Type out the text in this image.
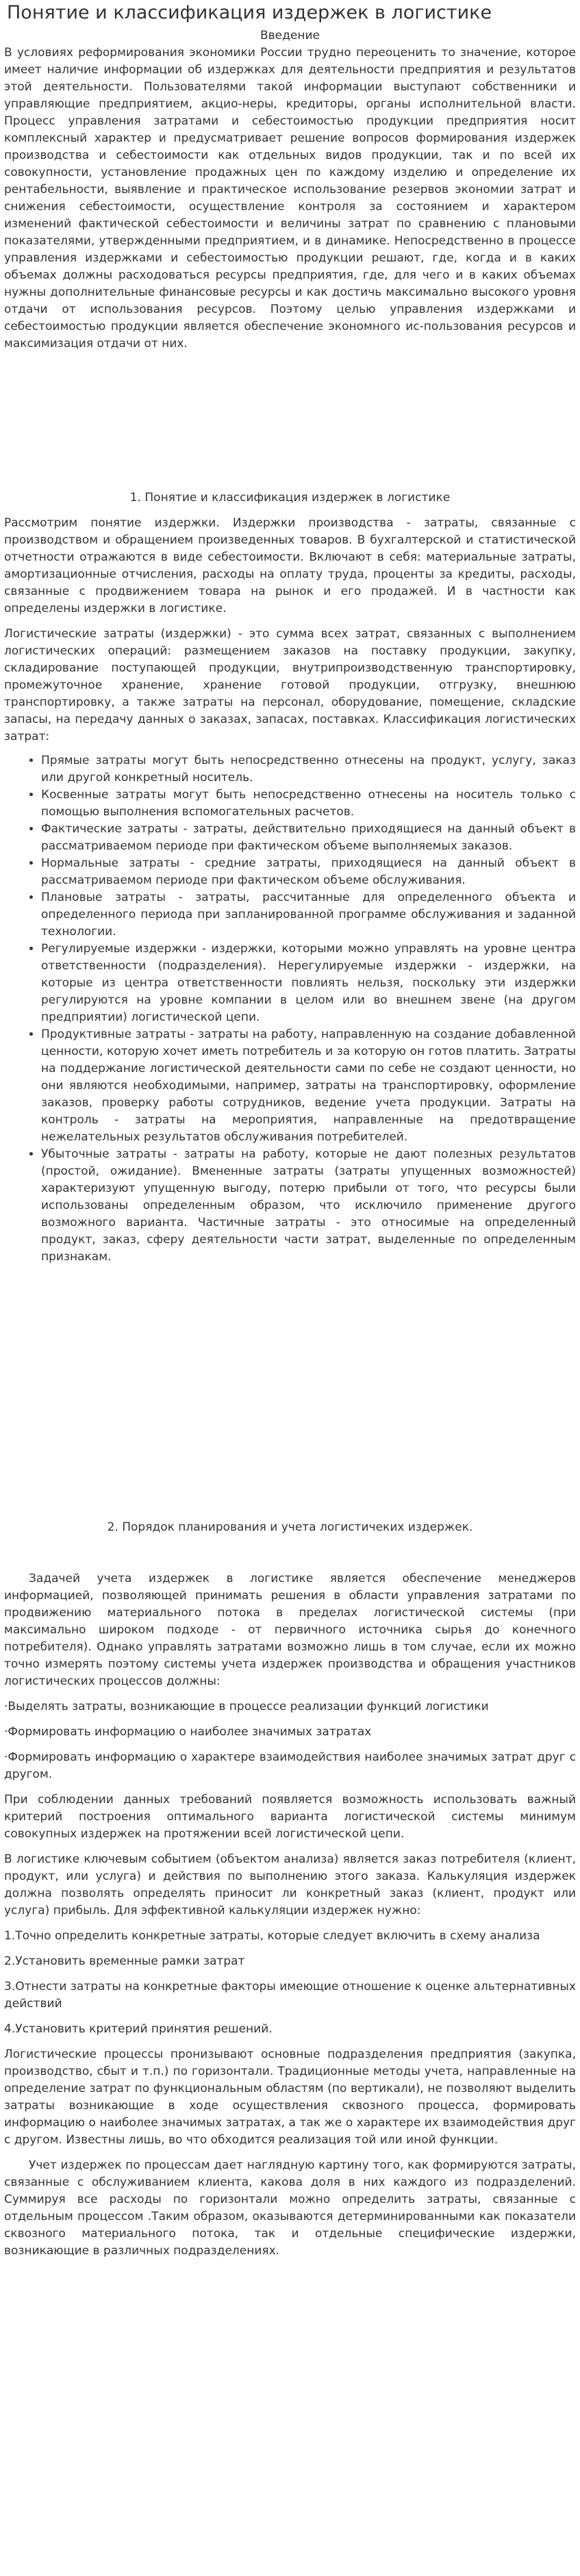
Понятие и классификация издержек в логистике

Введение

В условиях реформирования экономики России трудно переоценить то значение, которое имеет наличие информации об издержках для деятельности предприятия и результатов этой деятельности. Пользователями такой информации выступают собственники и управляющие предприятием, акцио-неры, кредиторы, органы исполнительной власти. Процесс управления затратами и себестоимостью продукции предприятия носит комплексный характер и предусматривает решение вопросов формирования издержек производства и себестоимости как отдельных видов продукции, так и по всей их совокупности, установление продажных цен по каждому изделию и определение их рентабельности, выявление и практическое использование резервов экономии затрат и снижения себестоимости, осуществление контроля за состоянием и характером изменений фактической себестоимости и величины затрат по сравнению с плановыми показателями, утвержденными предприятием, и в динамике. Непосредственно в процессе управления издержками и себестоимостью продукции решают, где, когда и в каких объемах должны расходоваться ресурсы предприятия, где, для чего и в каких объемах нужны дополнительные финансовые ресурсы и как достичь максимально высокого уровня отдачи от использования ресурсов. Поэтому целью управления издержками и себестоимостью продукции является обеспечение экономного ис-пользования ресурсов и максимизация отдачи от них.

1. Понятие и классификация издержек в логистике

Рассмотрим понятие издержки. Издержки производства - затраты, связанные с производством и обращением произведенных товаров. В бухгалтерской и статистической отчетности отражаются в виде себестоимости. Включают в себя: материальные затраты, амортизационные отчисления, расходы на оплату труда, проценты за кредиты, расходы, связанные с продвижением товара на рынок и его продажей. И в частности как определены издержки в логистике.

Логистические затраты (издержки) - это сумма всех затрат, связанных с выполнением логистических операций: размещением заказов на поставку продукции, закупку, складирование поступающей продукции, внутрипроизводственную транспортировку, промежуточное хранение, хранение готовой продукции, отгрузку, внешнюю транспортировку, а также затраты на персонал, оборудование, помещение, складские запасы, на передачу данных о заказах, запасах, поставках. Классификация логистических затрат:

• Прямые затраты могут быть непосредственно отнесены на продукт, услугу, заказ или другой конкретный носитель.
• Косвенные затраты могут быть непосредственно отнесены на носитель только с помощью выполнения вспомогательных расчетов.
• Фактические затраты - затраты, действительно приходящиеся на данный объект в рассматриваемом периоде при фактическом объеме выполняемых заказов.
• Нормальные затраты - средние затраты, приходящиеся на данный объект в рассматриваемом периоде при фактическом объеме обслуживания.
• Плановые затраты - затраты, рассчитанные для определенного объекта и определенного периода при запланированной программе обслуживания и заданной технологии.
• Регулируемые издержки - издержки, которыми можно управлять на уровне центра ответственности (подразделения). Нерегулируемые издержки - издержки, на которые из центра ответственности повлиять нельзя, поскольку эти издержки регулируются на уровне компании в целом или во внешнем звене (на другом предприятии) логистической цепи.
• Продуктивные затраты - затраты на работу, направленную на создание добавленной ценности, которую хочет иметь потребитель и за которую он готов платить. Затраты на поддержание логистической деятельности сами по себе не создают ценности, но они являются необходимыми, например, затраты на транспортировку, оформление заказов, проверку работы сотрудников, ведение учета продукции. Затраты на контроль - затраты на мероприятия, направленные на предотвращение нежелательных результатов обслуживания потребителей.
• Убыточные затраты - затраты на работу, которые не дают полезных результатов (простой, ожидание). Вмененные затраты (затраты упущенных возможностей) характеризуют упущенную выгоду, потерю прибыли от того, что ресурсы были использованы определенным образом, что исключило применение другого возможного варианта. Частичные затраты - это относимые на определенный продукт, заказ, сферу деятельности части затрат, выделенные по определенным признакам.

2. Порядок планирования и учета логистичеких издержек.

Задачей учета издержек в логистике является обеспечение менеджеров информацией, позволяющей принимать решения в области управления затратами по продвижению материального потока в пределах логистической системы (при максимально широком подходе - от первичного источника сырья до конечного потребителя). Однако управлять затратами возможно лишь в том случае, если их можно точно измерять поэтому системы учета издержек производства и обращения участников логистических процессов должны:

·Выделять затраты, возникающие в процессе реализации функций логистики

·Формировать информацию о наиболее значимых затратах

·Формировать информацию о характере взаимодействия наиболее значимых затрат друг с другом.

При соблюдении данных требований появляется возможность использовать важный критерий построения оптимального варианта логистической системы минимум совокупных издержек на протяжении всей логистической цепи.

В логистике ключевым событием (объектом анализа) является заказ потребителя (клиент, продукт, или услуга) и действия по выполнению этого заказа. Калькуляция издержек должна позволять определять приносит ли конкретный заказ (клиент, продукт или услуга) прибыль. Для эффективной калькуляции издержек нужно:

1.Точно определить конкретные затраты, которые следует включить в схему анализа

2.Установить временные рамки затрат

3.Отнести затраты на конкретные факторы имеющие отношение к оценке альтернативных действий

4.Установить критерий принятия решений.

Логистические процессы пронизывают основные подразделения предприятия (закупка, производство, сбыт и т.п.) по горизонтали. Традиционные методы учета, направленные на определение затрат по функциональным областям (по вертикали), не позволяют выделить затраты возникающие в ходе осуществления сквозного процесса, формировать информацию о наиболее значимых затратах, а так же о характере их взаимодействия друг с другом. Известны лишь, во что обходится реализация той или иной функции.

Учет издержек по процессам дает наглядную картину того, как формируются затраты, связанные с обслуживанием клиента, какова доля в них каждого из подразделений. Суммируя все расходы по горизонтали можно определить затраты, связанные с отдельным процессом .Таким образом, оказываются детерминированными как показатели сквозного материального потока, так и отдельные специфические издержки, возникающие в различных подразделениях.
